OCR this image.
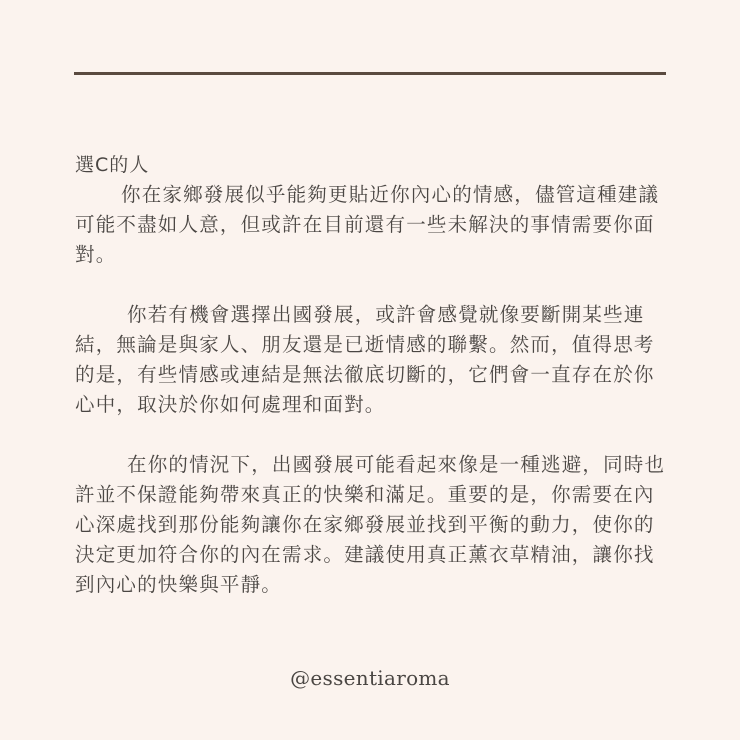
選C的人

你在家鄉發展似乎能夠更貼近你內心的情感，儘管這種建議可能不盡如人意，但或許在目前還有一些未解決的事情需要你面對。

你若有機會選擇出國發展，或許會感覺就像要斷開某些連結，無論是與家人、朋友還是已逝情感的聯繫。然而，值得思考的是，有些情感或連結是無法徹底切斷的，它們會一直存在於你心中，取決於你如何處理和面對。

在你的情況下，出國發展可能看起來像是一種逃避，同時也許並不保證能夠帶來真正的快樂和滿足。重要的是，你需要在內心深處找到那份能夠讓你在家鄉發展並找到平衡的動力，使你的決定更加符合你的內在需求。建議使用真正薰衣草精油，讓你找到內心的快樂與平靜。

@essentiaroma
